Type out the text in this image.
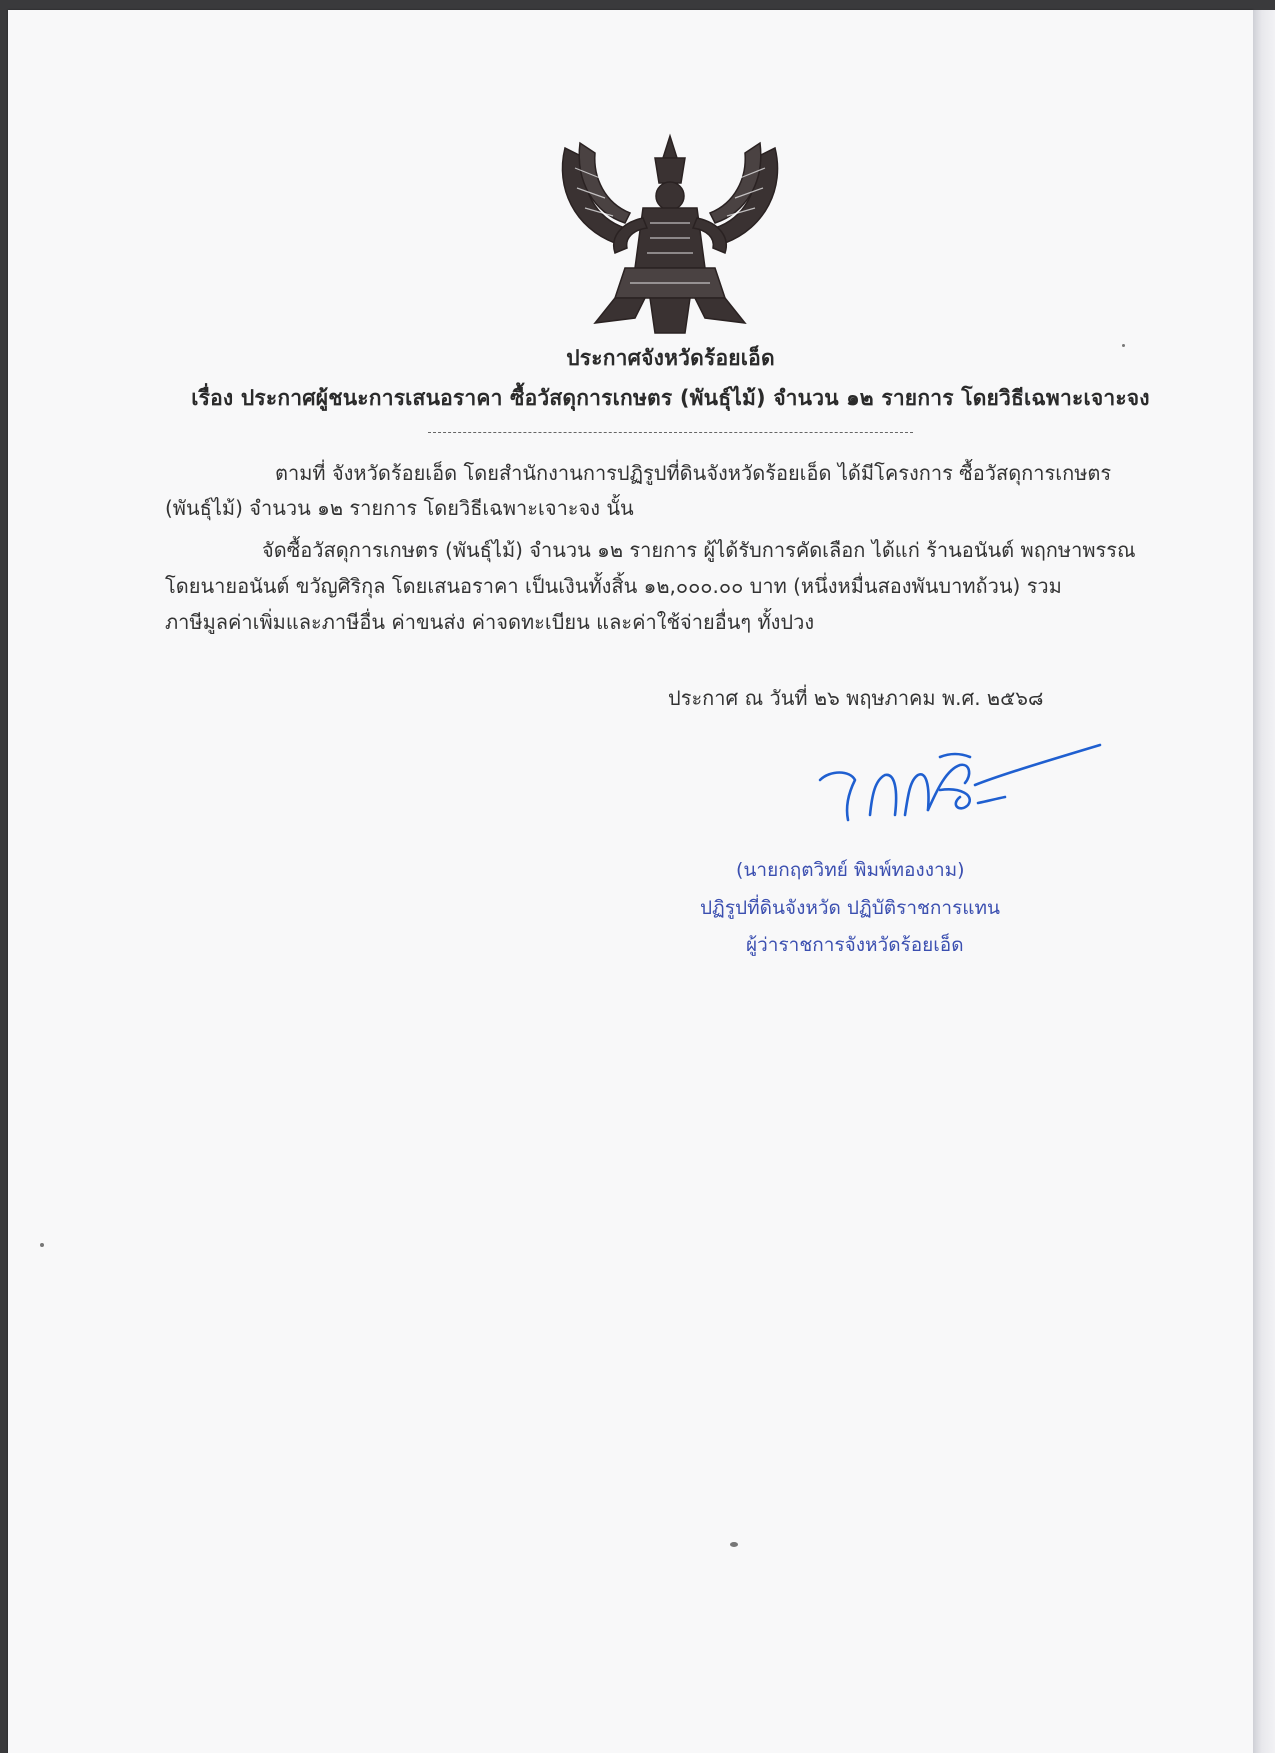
ประกาศจังหวัดร้อยเอ็ด
เรื่อง ประกาศผู้ชนะการเสนอราคา ซื้อวัสดุการเกษตร (พันธุ์ไม้) จำนวน ๑๒ รายการ โดยวิธีเฉพาะเจาะจง
ตามที่ จังหวัดร้อยเอ็ด โดยสำนักงานการปฏิรูปที่ดินจังหวัดร้อยเอ็ด ได้มีโครงการ ซื้อวัสดุการเกษตร
(พันธุ์ไม้) จำนวน ๑๒ รายการ โดยวิธีเฉพาะเจาะจง นั้น
จัดซื้อวัสดุการเกษตร (พันธุ์ไม้) จำนวน ๑๒ รายการ ผู้ได้รับการคัดเลือก ได้แก่ ร้านอนันต์ พฤกษาพรรณ
โดยนายอนันต์ ขวัญศิริกุล โดยเสนอราคา เป็นเงินทั้งสิ้น ๑๒,๐๐๐.๐๐ บาท (หนึ่งหมื่นสองพันบาทถ้วน) รวม
ภาษีมูลค่าเพิ่มและภาษีอื่น ค่าขนส่ง ค่าจดทะเบียน และค่าใช้จ่ายอื่นๆ ทั้งปวง
ประกาศ ณ วันที่ ๒๖ พฤษภาคม พ.ศ. ๒๕๖๘
(นายกฤตวิทย์ พิมพ์ทองงาม)
ปฏิรูปที่ดินจังหวัด ปฏิบัติราชการแทน
ผู้ว่าราชการจังหวัดร้อยเอ็ด
